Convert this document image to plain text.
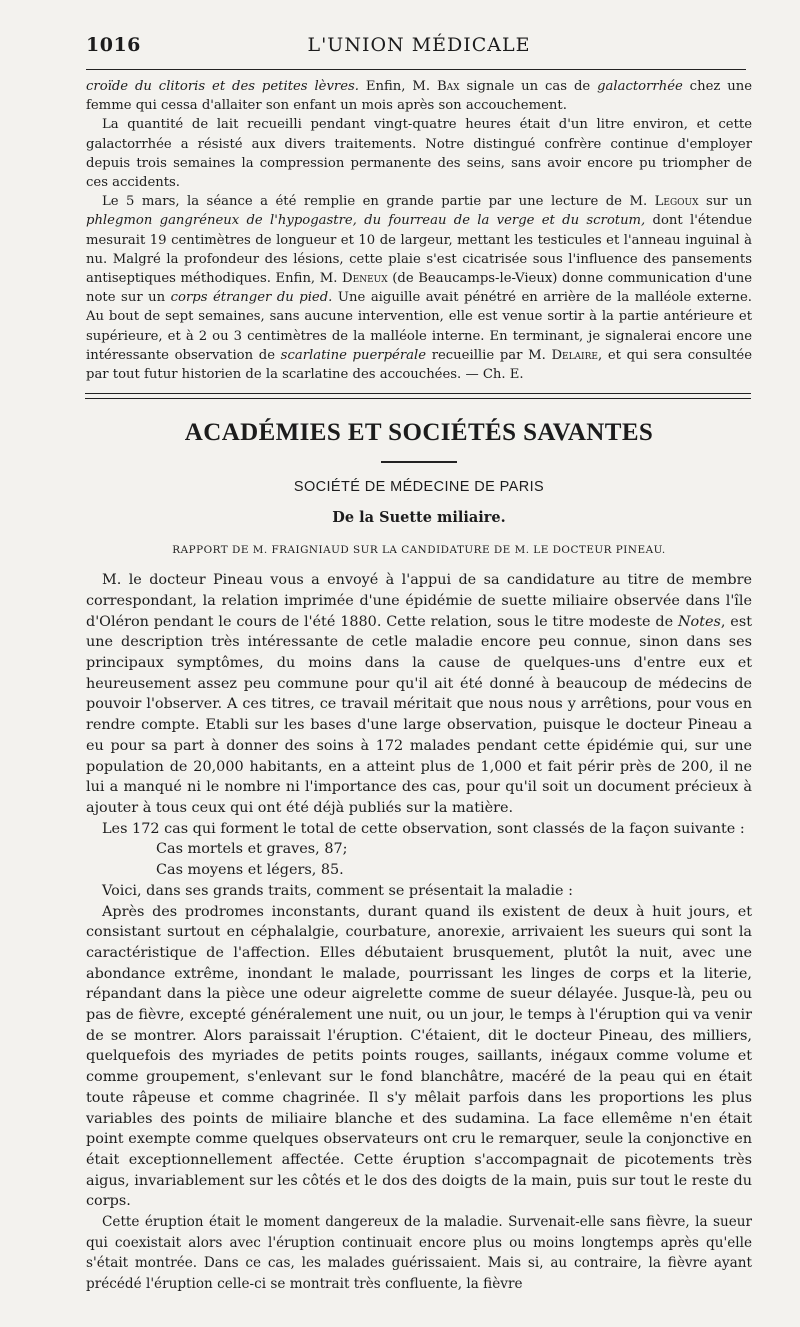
1016	L'UNION MÉDICALE

croïde du clitoris et des petites lèvres. Enfin, M. Bax signale un cas de galactorrhée chez une femme qui cessa d'allaiter son enfant un mois après son accouchement.

La quantité de lait recueilli pendant vingt-quatre heures était d'un litre environ, et cette galactorrhée a résisté aux divers traitements. Notre distingué confrère continue d'employer depuis trois semaines la compression permanente des seins, sans avoir encore pu triompher de ces accidents.

Le 5 mars, la séance a été remplie en grande partie par une lecture de M. Legoux sur un phlegmon gangréneux de l'hypogastre, du fourreau de la verge et du scrotum, dont l'étendue mesurait 19 centimètres de longueur et 10 de largeur, mettant les testicules et l'anneau inguinal à nu. Malgré la profondeur des lésions, cette plaie s'est cicatrisée sous l'influence des pansements antiseptiques méthodiques. Enfin, M. Deneux (de Beaucamps-le-Vieux) donne communication d'une note sur un corps étranger du pied. Une aiguille avait pénétré en arrière de la malléole externe. Au bout de sept semaines, sans aucune intervention, elle est venue sortir à la partie antérieure et supérieure, et à 2 ou 3 centimètres de la malléole interne. En terminant, je signalerai encore une intéressante observation de scarlatine puerpérale recueillie par M. Delaire, et qui sera consultée par tout futur historien de la scarlatine des accouchées. — Ch. E.

ACADÉMIES ET SOCIÉTÉS SAVANTES
SOCIÉTÉ DE MÉDECINE DE PARIS
De la Suette miliaire.
RAPPORT DE M. FRAIGNIAUD SUR LA CANDIDATURE DE M. LE DOCTEUR PINEAU.

M. le docteur Pineau vous a envoyé à l'appui de sa candidature au titre de membre correspondant, la relation imprimée d'une épidémie de suette miliaire observée dans l'île d'Oléron pendant le cours de l'été 1880. Cette relation, sous le titre modeste de Notes, est une description très intéressante de cetle maladie encore peu connue, sinon dans ses principaux symptômes, du moins dans la cause de quelques-uns d'entre eux et heureusement assez peu commune pour qu'il ait été donné à beaucoup de médecins de pouvoir l'observer. A ces titres, ce travail méritait que nous nous y arrêtions, pour vous en rendre compte. Etabli sur les bases d'une large observation, puisque le docteur Pineau a eu pour sa part à donner des soins à 172 malades pendant cette épidémie qui, sur une population de 20,000 habitants, en a atteint plus de 1,000 et fait périr près de 200, il ne lui a manqué ni le nombre ni l'importance des cas, pour qu'il soit un document précieux à ajouter à tous ceux qui ont été déjà publiés sur la matière.

Les 172 cas qui forment le total de cette observation, sont classés de la façon suivante :

Cas mortels et graves, 87;

Cas moyens et légers, 85.

Voici, dans ses grands traits, comment se présentait la maladie :

Après des prodromes inconstants, durant quand ils existent de deux à huit jours, et consistant surtout en céphalalgie, courbature, anorexie, arrivaient les sueurs qui sont la caractéristique de l'affection. Elles débutaient brusquement, plutôt la nuit, avec une abondance extrême, inondant le malade, pourrissant les linges de corps et la literie, répandant dans la pièce une odeur aigrelette comme de sueur délayée. Jusque-là, peu ou pas de fièvre, excepté généralement une nuit, ou un jour, le temps à l'éruption qui va venir de se montrer. Alors paraissait l'éruption. C'étaient, dit le docteur Pineau, des milliers, quelquefois des myriades de petits points rouges, saillants, inégaux comme volume et comme groupement, s'enlevant sur le fond blanchâtre, macéré de la peau qui en était toute râpeuse et comme chagrinée. Il s'y mêlait parfois dans les proportions les plus variables des points de miliaire blanche et des sudamina. La face ellemême n'en était point exempte comme quelques observateurs ont cru le remarquer, seule la conjonctive en était exceptionnellement affectée. Cette éruption s'accompagnait de picotements très aigus, invariablement sur les côtés et le dos des doigts de la main, puis sur tout le reste du corps.

Cette éruption était le moment dangereux de la maladie. Survenait-elle sans fièvre, la sueur qui coexistait alors avec l'éruption continuait encore plus ou moins longtemps après qu'elle s'était montrée. Dans ce cas, les malades guérissaient. Mais si, au contraire, la fièvre ayant précédé l'éruption celle-ci se montrait très confluente, la fièvre
